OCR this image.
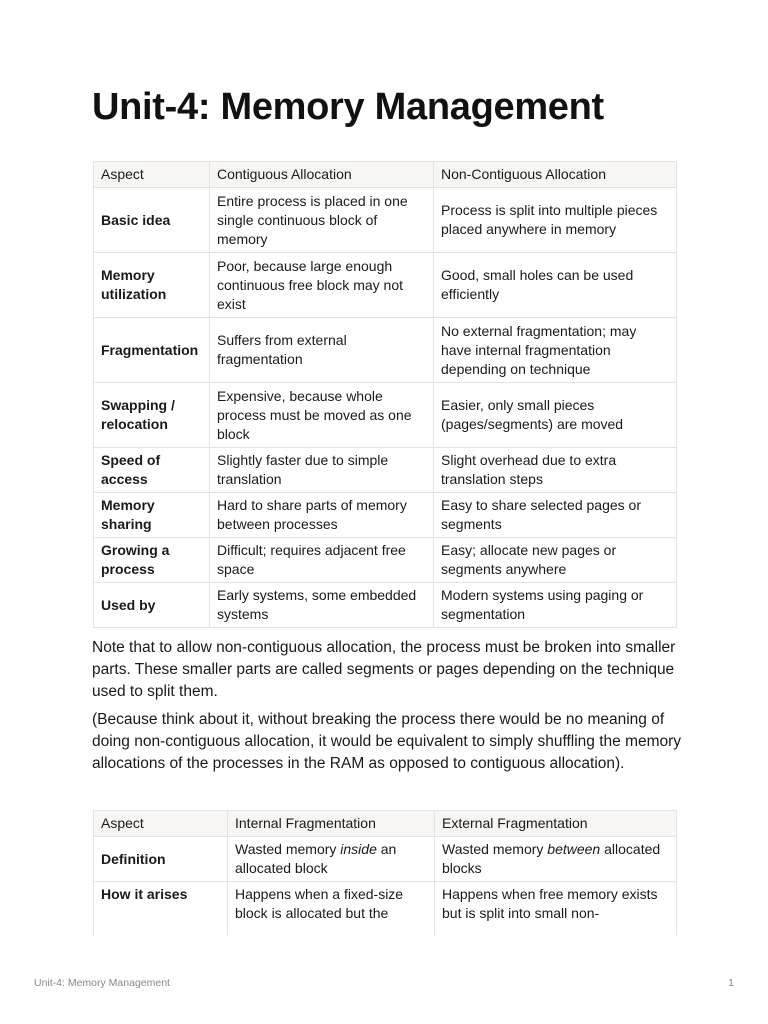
Unit-4: Memory Management
Aspect	Contiguous Allocation	Non-Contiguous Allocation
Basic idea	Entire process is placed in one single continuous block of memory	Process is split into multiple pieces placed anywhere in memory
Memory utilization	Poor, because large enough continuous free block may not exist	Good, small holes can be used efficiently
Fragmentation	Suffers from external fragmentation	No external fragmentation; may have internal fragmentation depending on technique
Swapping / relocation	Expensive, because whole process must be moved as one block	Easier, only small pieces (pages/segments) are moved
Speed of access	Slightly faster due to simple translation	Slight overhead due to extra translation steps
Memory sharing	Hard to share parts of memory between processes	Easy to share selected pages or segments
Growing a process	Difficult; requires adjacent free space	Easy; allocate new pages or segments anywhere
Used by	Early systems, some embedded systems	Modern systems using paging or segmentation

Note that to allow non-contiguous allocation, the process must be broken into smaller parts. These smaller parts are called segments or pages depending on the technique used to split them.

(Because think about it, without breaking the process there would be no meaning of doing non-contiguous allocation, it would be equivalent to simply shuffling the memory allocations of the processes in the RAM as opposed to contiguous allocation).

Aspect	Internal Fragmentation	External Fragmentation
Definition	Wasted memory inside an allocated block	Wasted memory between allocated blocks
How it arises	Happens when a fixed-size block is allocated but the	Happens when free memory exists but is split into small non-
Unit-4: Memory Management	1
